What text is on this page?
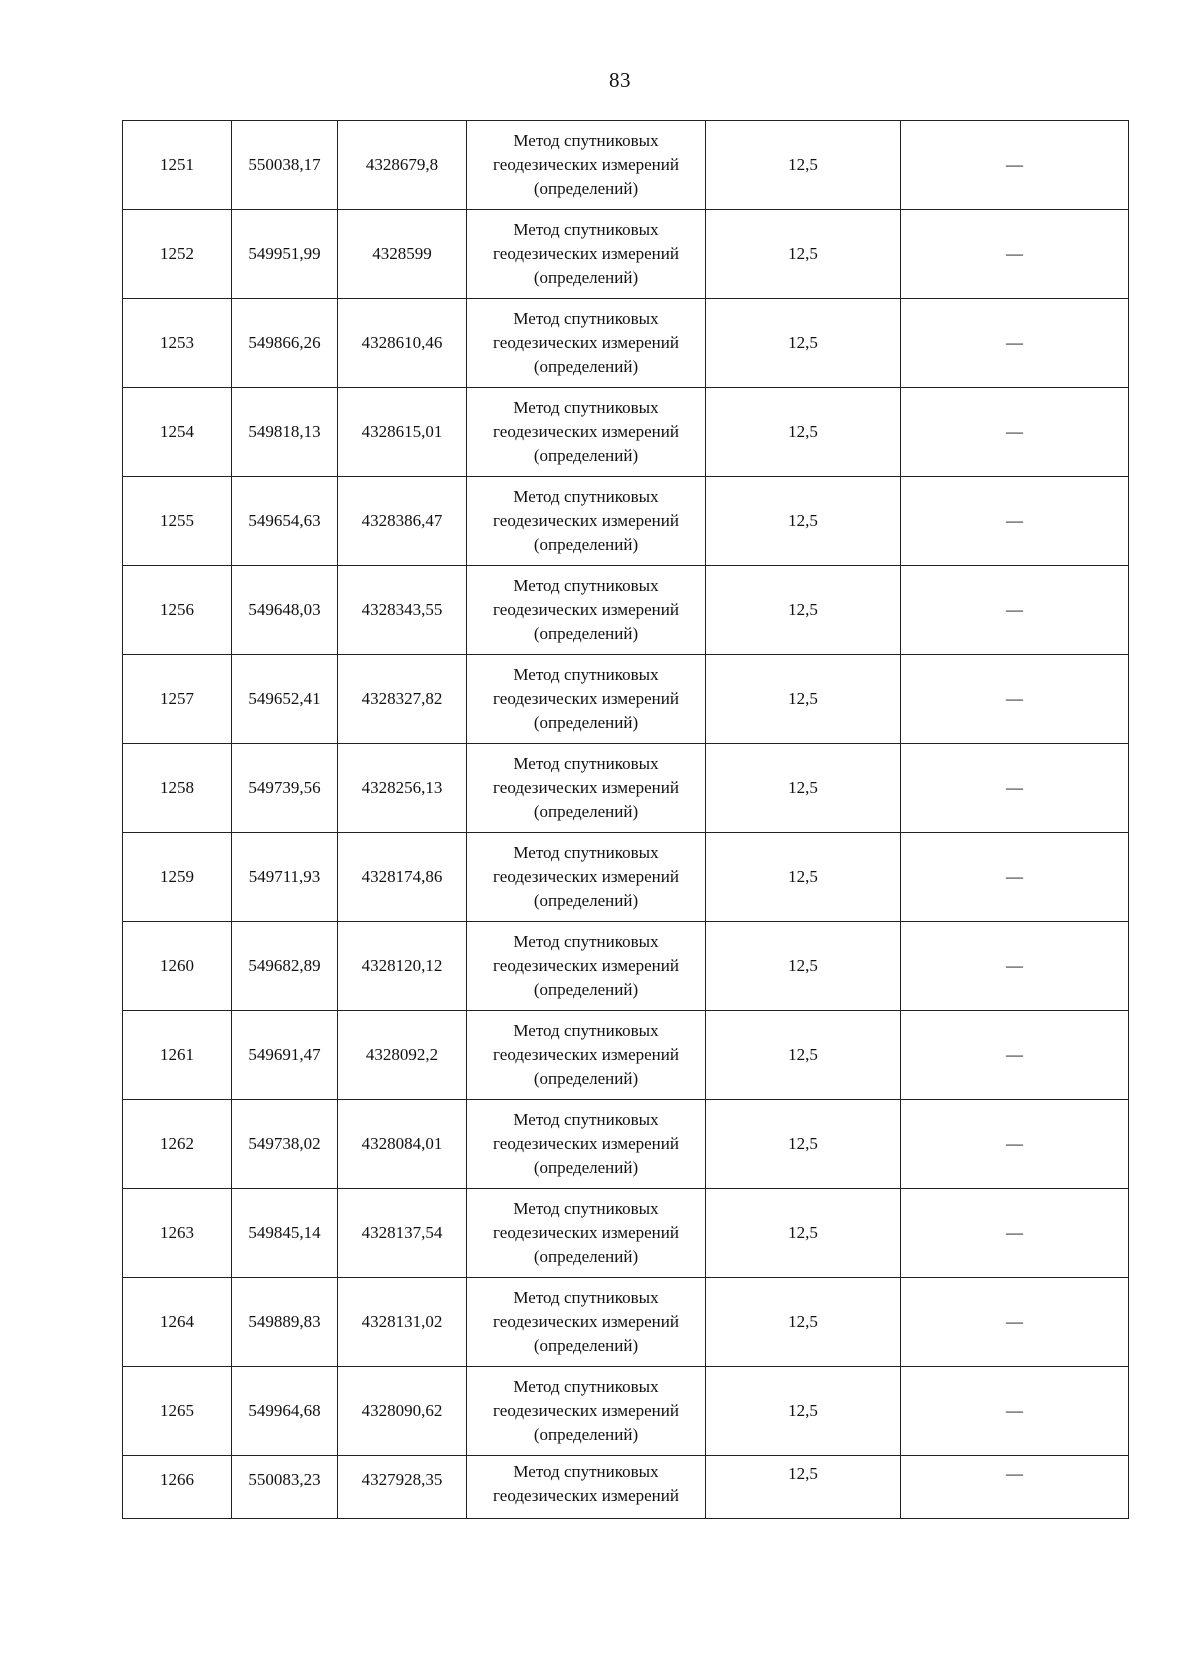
83
1251	550038,17	4328679,8	Метод спутниковых
геодезических измерений
(определений)	12,5	—
1252	549951,99	4328599	Метод спутниковых
геодезических измерений
(определений)	12,5	—
1253	549866,26	4328610,46	Метод спутниковых
геодезических измерений
(определений)	12,5	—
1254	549818,13	4328615,01	Метод спутниковых
геодезических измерений
(определений)	12,5	—
1255	549654,63	4328386,47	Метод спутниковых
геодезических измерений
(определений)	12,5	—
1256	549648,03	4328343,55	Метод спутниковых
геодезических измерений
(определений)	12,5	—
1257	549652,41	4328327,82	Метод спутниковых
геодезических измерений
(определений)	12,5	—
1258	549739,56	4328256,13	Метод спутниковых
геодезических измерений
(определений)	12,5	—
1259	549711,93	4328174,86	Метод спутниковых
геодезических измерений
(определений)	12,5	—
1260	549682,89	4328120,12	Метод спутниковых
геодезических измерений
(определений)	12,5	—
1261	549691,47	4328092,2	Метод спутниковых
геодезических измерений
(определений)	12,5	—
1262	549738,02	4328084,01	Метод спутниковых
геодезических измерений
(определений)	12,5	—
1263	549845,14	4328137,54	Метод спутниковых
геодезических измерений
(определений)	12,5	—
1264	549889,83	4328131,02	Метод спутниковых
геодезических измерений
(определений)	12,5	—
1265	549964,68	4328090,62	Метод спутниковых
геодезических измерений
(определений)	12,5	—
1266	550083,23	4327928,35	Метод спутниковых
геодезических измерений	12,5	—
